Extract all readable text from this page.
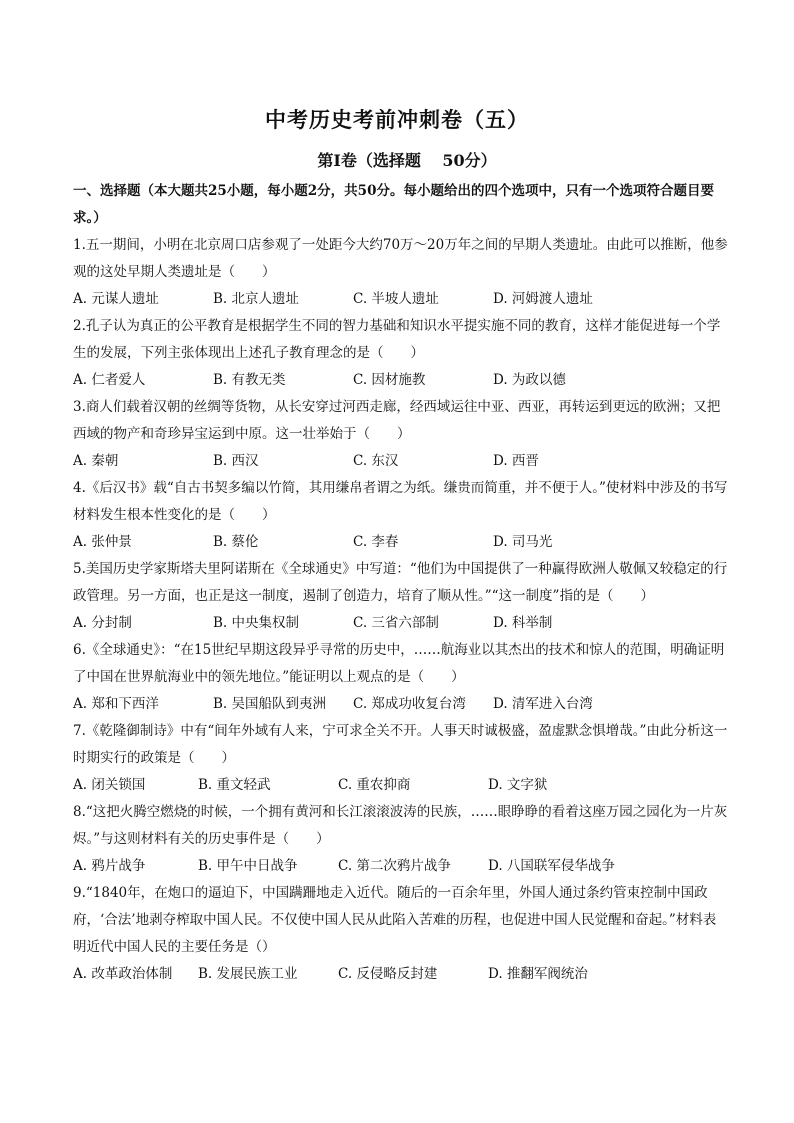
中考历史考前冲刺卷（五）
第Ⅰ卷（选择题　 50分）
一、选择题（本大题共25小题，每小题2分，共50分。每小题给出的四个选项中，只有一个选项符合题目要求。）

1.五一期间，小明在北京周口店参观了一处距今大约70万～20万年之间的早期人类遗址。由此可以推断，他参观的这处早期人类遗址是（　　）

A. 元谋人遗址	B. 北京人遗址	C. 半坡人遗址	D. 河姆渡人遗址

2.孔子认为真正的公平教育是根据学生不同的智力基础和知识水平提实施不同的教育，这样才能促进每一个学生的发展，下列主张体现出上述孔子教育理念的是（　　）

A. 仁者爱人	B. 有教无类	C. 因材施教	D. 为政以德

3.商人们载着汉朝的丝绸等货物，从长安穿过河西走廊，经西域运往中亚、西亚，再转运到更远的欧洲；又把西域的物产和奇珍异宝运到中原。这一壮举始于（　　）

A. 秦朝	B. 西汉	C. 东汉	D. 西晋

4.《后汉书》载“自古书契多编以竹简，其用缣帛者谓之为纸。缣贵而简重，并不便于人。”使材料中涉及的书写材料发生根本性变化的是（　　）

A. 张仲景	B. 蔡伦	C. 李春	D. 司马光

5.美国历史学家斯塔夫里阿诺斯在《全球通史》中写道：“他们为中国提供了一种赢得欧洲人敬佩又较稳定的行政管理。另一方面，也正是这一制度，遏制了创造力，培育了顺从性。”“这一制度”指的是（　　）

A. 分封制	B. 中央集权制	C. 三省六部制	D. 科举制

6.《全球通史》：“在15世纪早期这段异乎寻常的历史中，……航海业以其杰出的技术和惊人的范围，明确证明了中国在世界航海业中的领先地位。”能证明以上观点的是（　　）

A. 郑和下西洋	B. 吴国船队到夷洲	C. 郑成功收复台湾	D. 清军进入台湾

7.《乾隆御制诗》中有“间年外域有人来，宁可求全关不开。人事天时诚极盛，盈虚默念惧增哉。”由此分析这一时期实行的政策是（　　）

A. 闭关锁国	B. 重文轻武	C. 重农抑商	D. 文字狱

8.“这把火腾空燃烧的时候，一个拥有黄河和长江滚滚波涛的民族，……眼睁睁的看着这座万园之园化为一片灰烬。”与这则材料有关的历史事件是（　　）

A. 鸦片战争	B. 甲午中日战争	C. 第二次鸦片战争	D. 八国联军侵华战争

9.“1840年，在炮口的逼迫下，中国蹒跚地走入近代。随后的一百余年里，外国人通过条约管束控制中国政府，‘合法’地剥夺榨取中国人民。不仅使中国人民从此陷入苦难的历程，也促进中国人民觉醒和奋起。”材料表明近代中国人民的主要任务是（）

A. 改革政治体制	B. 发展民族工业	C. 反侵略反封建	D. 推翻军阀统治
